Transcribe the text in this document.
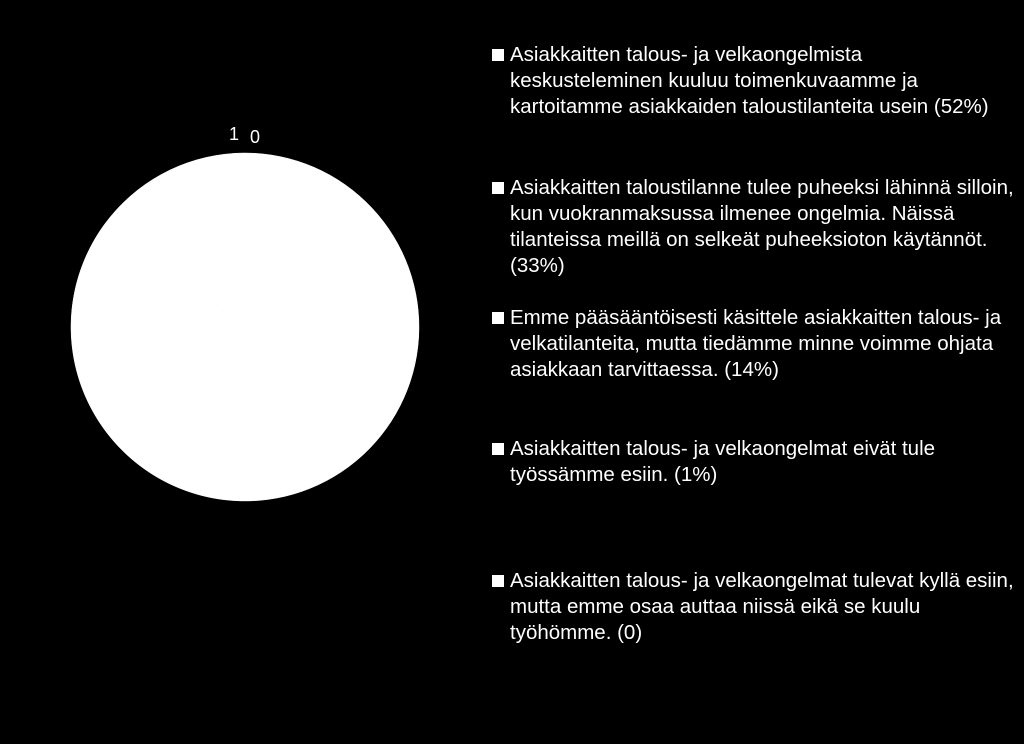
1 0
Asiakkaitten talous- ja velkaongelmista keskusteleminen kuuluu toimenkuvaamme ja kartoitamme asiakkaiden taloustilanteita usein (52%)
Asiakkaitten taloustilanne tulee puheeksi lähinnä silloin, kun vuokranmaksussa ilmenee ongelmia. Näissä tilanteissa meillä on selkeät puheeksioton käytännöt.(33%)
Emme pääsääntöisesti käsittele asiakkaitten talous- ja velkatilanteita, mutta tiedämme minne voimme ohjata asiakkaan tarvittaessa. (14%)
Asiakkaitten talous- ja velkaongelmat eivät tule työssämme esiin. (1%)
Asiakkaitten talous- ja velkaongelmat tulevat kyllä esiin, mutta emme osaa auttaa niissä eikä se kuulu työhömme. (0)
